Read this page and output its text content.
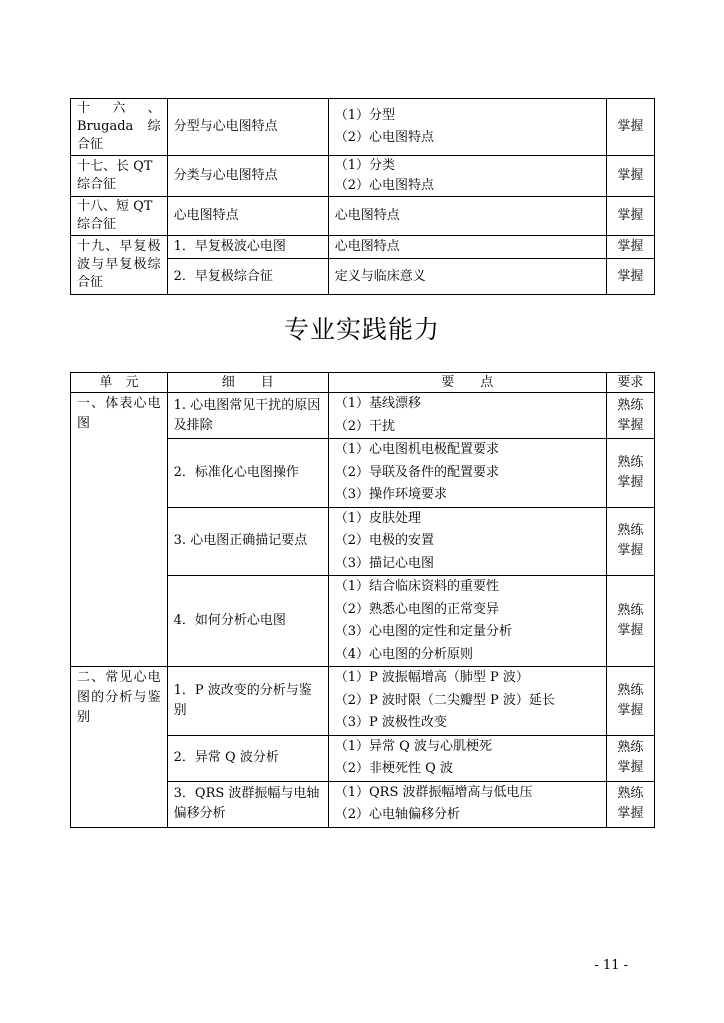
十六、Brugada 综合征	分型与心电图特点	（1）分型
（2）心电图特点	掌握
十七、长 QT 综合征	分类与心电图特点	（1）分类
（2）心电图特点	掌握
十八、短 QT 综合征	心电图特点	心电图特点	掌握
十九、早复极波与早复极综合征	1．早复极波心电图	心电图特点	掌握
	2．早复极综合征	定义与临床意义	掌握
专业实践能力
单　元	细　　目	要　　点	要求
一、体表心电图	1. 心电图常见干扰的原因及排除	（1）基线漂移
（2）干扰	熟练掌握
	2．标准化心电图操作	（1）心电图机电极配置要求
（2）导联及备件的配置要求
（3）操作环境要求	熟练掌握
	3. 心电图正确描记要点	（1）皮肤处理
（2）电极的安置
（3）描记心电图	熟练掌握
	4．如何分析心电图	（1）结合临床资料的重要性
（2）熟悉心电图的正常变异
（3）心电图的定性和定量分析
（4）心电图的分析原则	熟练掌握
二、常见心电图的分析与鉴别	1．P 波改变的分析与鉴别	（1）P 波振幅增高（肺型 P 波）
（2）P 波时限（二尖瓣型 P 波）延长
（3）P 波极性改变	熟练掌握
	2．异常 Q 波分析	（1）异常 Q 波与心肌梗死
（2）非梗死性 Q 波	熟练掌握
	3．QRS 波群振幅与电轴偏移分析	（1）QRS 波群振幅增高与低电压
（2）心电轴偏移分析	熟练掌握
- 11 -
